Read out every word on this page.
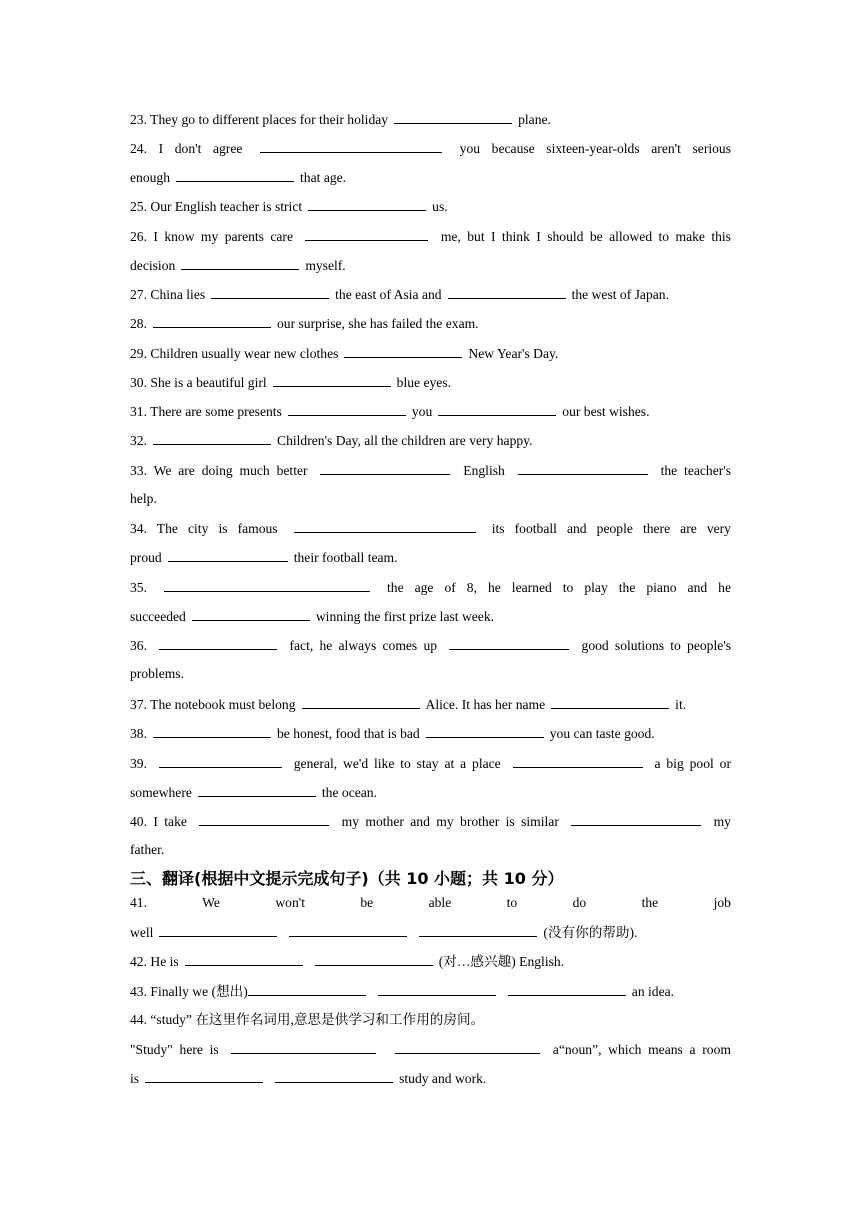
23. They go to different places for their holiday	plane.
24. I don't agree	you because sixteen-year-olds aren't serious
enough	that age.
25. Our English teacher is strict	us.
26. I know my parents care	me, but I think I should be allowed to make this
decision	myself.
27. China lies	the east of Asia and	the west of Japan.
28.	our surprise, she has failed the exam.
29. Children usually wear new clothes	New Year's Day.
30. She is a beautiful girl	blue eyes.
31. There are some presents	you	our best wishes.
32.	Children's Day, all the children are very happy.
33. We are doing much better	English	the teacher's
help.
34. The city is famous	its football and people there are very
proud	their football team.
35.	the age of 8, he learned to play the piano and he
succeeded	winning the first prize last week.
36.	fact, he always comes up	good solutions to people's
problems.
37. The notebook must belong	Alice. It has her name	it.
38.	be honest, food that is bad	you can taste good.
39.	general, we'd like to stay at a place	a big pool or
somewhere	the ocean.
40. I take	my mother and my brother is similar	my
father.
三、翻译(根据中文提示完成句子)（共 10 小题；共 10 分）
41.	We	won't	be	able	to	do	the	job
well	(没有你的帮助).
42. He is	(对…感兴趣) English.
43. Finally we (想出)	an idea.
44. “study” 在这里作名词用,意思是供学习和工作用的房间。
"Study" here is	a“noun”, which means a room
is	study and work.
